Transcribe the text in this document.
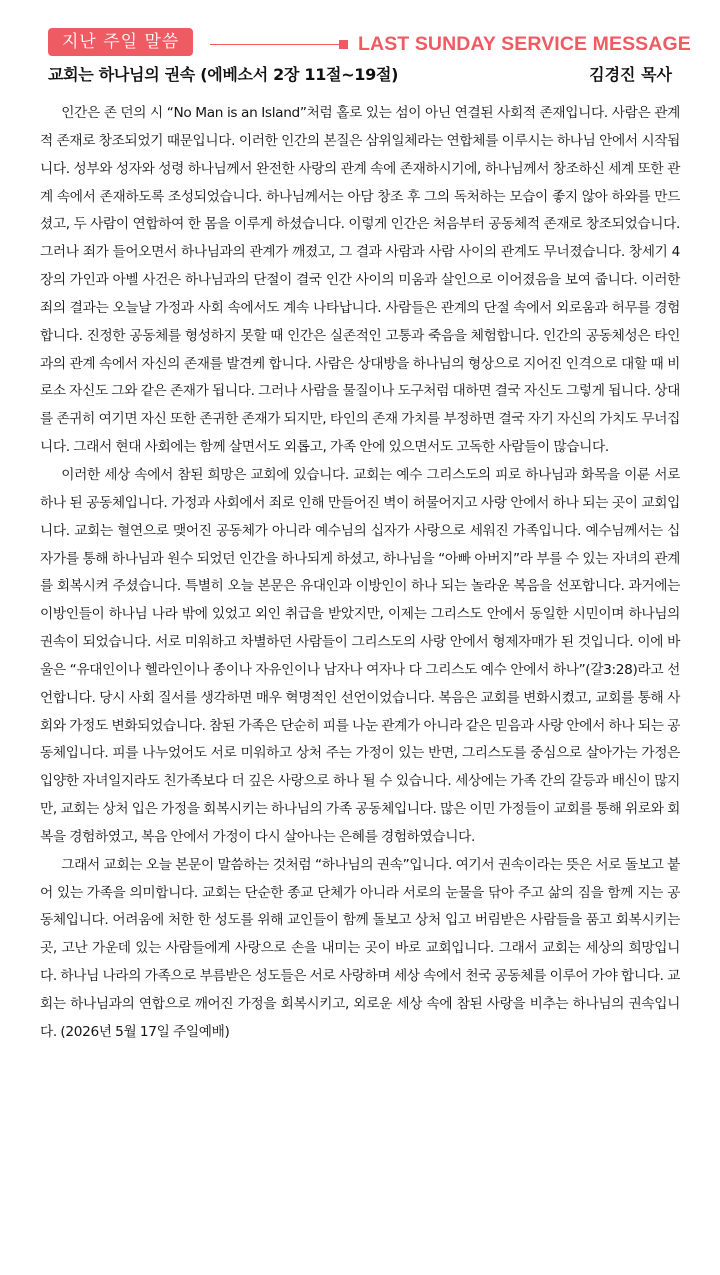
지난 주일 말씀	LAST SUNDAY SERVICE MESSAGE
교회는 하나님의 권속 (에베소서 2장 11절~19절)	김경진 목사

인간은 존 던의 시 “No Man is an Island”처럼 홀로 있는 섬이 아닌 연결된 사회적 존재입니다. 사람은 관계적 존재로 창조되었기 때문입니다. 이러한 인간의 본질은 삼위일체라는 연합체를 이루시는 하나님 안에서 시작됩니다. 성부와 성자와 성령 하나님께서 완전한 사랑의 관계 속에 존재하시기에, 하나님께서 창조하신 세계 또한 관계 속에서 존재하도록 조성되었습니다. 하나님께서는 아담 창조 후 그의 독처하는 모습이 좋지 않아 하와를 만드셨고, 두 사람이 연합하여 한 몸을 이루게 하셨습니다. 이렇게 인간은 처음부터 공동체적 존재로 창조되었습니다. 그러나 죄가 들어오면서 하나님과의 관계가 깨졌고, 그 결과 사람과 사람 사이의 관계도 무너졌습니다. 창세기 4장의 가인과 아벨 사건은 하나님과의 단절이 결국 인간 사이의 미움과 살인으로 이어졌음을 보여 줍니다. 이러한 죄의 결과는 오늘날 가정과 사회 속에서도 계속 나타납니다. 사람들은 관계의 단절 속에서 외로움과 허무를 경험합니다. 진정한 공동체를 형성하지 못할 때 인간은 실존적인 고통과 죽음을 체험합니다. 인간의 공동체성은 타인과의 관계 속에서 자신의 존재를 발견케 합니다. 사람은 상대방을 하나님의 형상으로 지어진 인격으로 대할 때 비로소 자신도 그와 같은 존재가 됩니다. 그러나 사람을 물질이나 도구처럼 대하면 결국 자신도 그렇게 됩니다. 상대를 존귀히 여기면 자신 또한 존귀한 존재가 되지만, 타인의 존재 가치를 부정하면 결국 자기 자신의 가치도 무너집니다. 그래서 현대 사회에는 함께 살면서도 외롭고, 가족 안에 있으면서도 고독한 사람들이 많습니다.

이러한 세상 속에서 참된 희망은 교회에 있습니다. 교회는 예수 그리스도의 피로 하나님과 화목을 이룬 서로 하나 된 공동체입니다. 가정과 사회에서 죄로 인해 만들어진 벽이 허물어지고 사랑 안에서 하나 되는 곳이 교회입니다. 교회는 혈연으로 맺어진 공동체가 아니라 예수님의 십자가 사랑으로 세워진 가족입니다. 예수님께서는 십자가를 통해 하나님과 원수 되었던 인간을 하나되게 하셨고, 하나님을 “아빠 아버지”라 부를 수 있는 자녀의 관계를 회복시켜 주셨습니다. 특별히 오늘 본문은 유대인과 이방인이 하나 되는 놀라운 복음을 선포합니다. 과거에는 이방인들이 하나님 나라 밖에 있었고 외인 취급을 받았지만, 이제는 그리스도 안에서 동일한 시민이며 하나님의 권속이 되었습니다. 서로 미워하고 차별하던 사람들이 그리스도의 사랑 안에서 형제자매가 된 것입니다. 이에 바울은 “유대인이나 헬라인이나 종이나 자유인이나 남자나 여자나 다 그리스도 예수 안에서 하나”(갈3:28)라고 선언합니다. 당시 사회 질서를 생각하면 매우 혁명적인 선언이었습니다. 복음은 교회를 변화시켰고, 교회를 통해 사회와 가정도 변화되었습니다. 참된 가족은 단순히 피를 나눈 관계가 아니라 같은 믿음과 사랑 안에서 하나 되는 공동체입니다. 피를 나누었어도 서로 미워하고 상처 주는 가정이 있는 반면, 그리스도를 중심으로 살아가는 가정은 입양한 자녀일지라도 친가족보다 더 깊은 사랑으로 하나 될 수 있습니다. 세상에는 가족 간의 갈등과 배신이 많지만, 교회는 상처 입은 가정을 회복시키는 하나님의 가족 공동체입니다. 많은 이민 가정들이 교회를 통해 위로와 회복을 경험하였고, 복음 안에서 가정이 다시 살아나는 은혜를 경험하였습니다.

그래서 교회는 오늘 본문이 말씀하는 것처럼 “하나님의 권속”입니다. 여기서 권속이라는 뜻은 서로 돌보고 붙어 있는 가족을 의미합니다. 교회는 단순한 종교 단체가 아니라 서로의 눈물을 닦아 주고 삶의 짐을 함께 지는 공동체입니다. 어려움에 처한 한 성도를 위해 교인들이 함께 돌보고 상처 입고 버림받은 사람들을 품고 회복시키는 곳, 고난 가운데 있는 사람들에게 사랑으로 손을 내미는 곳이 바로 교회입니다. 그래서 교회는 세상의 희망입니다. 하나님 나라의 가족으로 부름받은 성도들은 서로 사랑하며 세상 속에서 천국 공동체를 이루어 가야 합니다. 교회는 하나님과의 연합으로 깨어진 가정을 회복시키고, 외로운 세상 속에 참된 사랑을 비추는 하나님의 권속입니다. (2026년 5월 17일 주일예배)
